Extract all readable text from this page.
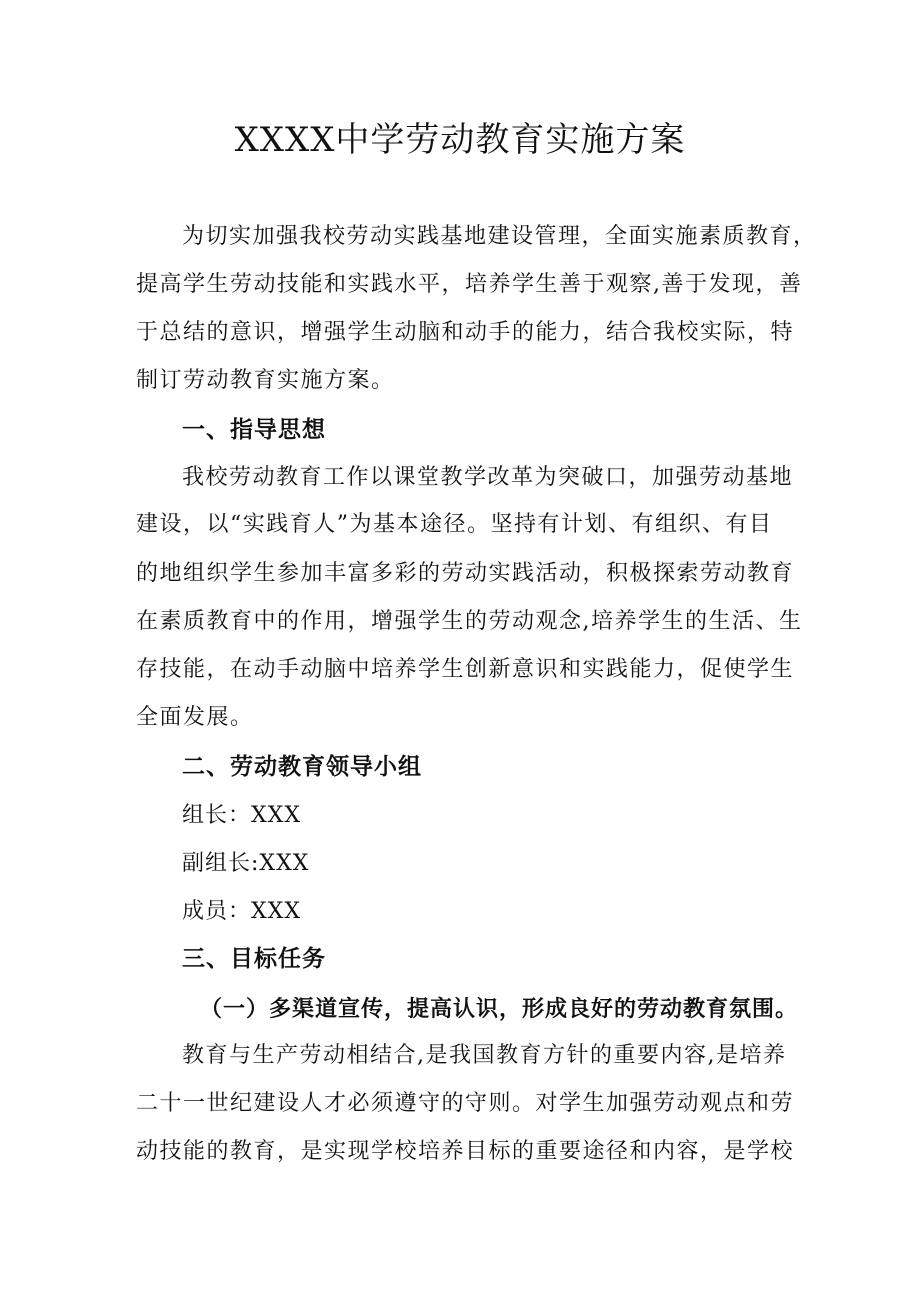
XXXX中学劳动教育实施方案

为切实加强我校劳动实践基地建设管理，全面实施素质教育，

提高学生劳动技能和实践水平，培养学生善于观察,善于发现，善

于总结的意识，增强学生动脑和动手的能力，结合我校实际，特

制订劳动教育实施方案。

一、指导思想

我校劳动教育工作以课堂教学改革为突破口，加强劳动基地

建设，以“实践育人”为基本途径。坚持有计划、有组织、有目

的地组织学生参加丰富多彩的劳动实践活动，积极探索劳动教育

在素质教育中的作用，增强学生的劳动观念,培养学生的生活、生

存技能，在动手动脑中培养学生创新意识和实践能力，促使学生

全面发展。

二、劳动教育领导小组

组长：XXX

副组长:XXX

成员：XXX

三、目标任务

（一）多渠道宣传，提高认识，形成良好的劳动教育氛围。

教育与生产劳动相结合,是我国教育方针的重要内容,是培养

二十一世纪建设人才必须遵守的守则。对学生加强劳动观点和劳

动技能的教育，是实现学校培养目标的重要途径和内容，是学校
